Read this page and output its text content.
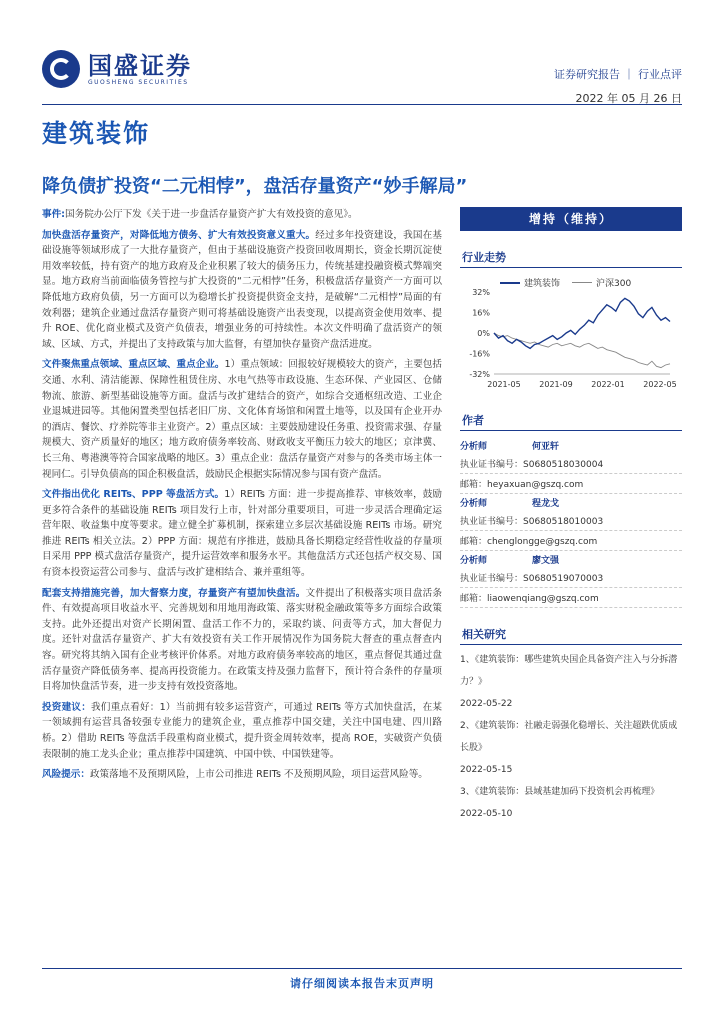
国盛证券
GUOSHENG SECURITIES
证券研究报告 ｜ 行业点评
2022 年 05 月 26 日
建筑装饰
降负债扩投资“二元相悖”，盘活存量资产“妙手解局”

事件:国务院办公厅下发《关于进一步盘活存量资产扩大有效投资的意见》。

加快盘活存量资产，对降低地方债务、扩大有效投资意义重大。经过多年投资建设，我国在基础设施等领域形成了一大批存量资产，但由于基础设施资产投资回收周期长，资金长期沉淀使用效率较低，持有资产的地方政府及企业积累了较大的债务压力，传统基建投融资模式弊端突显。地方政府当前面临债务管控与扩大投资的“二元相悖”任务，积极盘活存量资产一方面可以降低地方政府负债，另一方面可以为稳增长扩投资提供资金支持，是破解“二元相悖”局面的有效利器；建筑企业通过盘活存量资产则可将基础设施资产出表变现，以提高资金使用效率、提升 ROE、优化商业模式及资产负债表，增强业务的可持续性。本次文件明确了盘活资产的领域、区域、方式，并提出了支持政策与加大监督，有望加快存量资产盘活进度。

文件聚焦重点领域、重点区域、重点企业。1）重点领域：回报较好规模较大的资产，主要包括交通、水利、清洁能源、保障性租赁住房、水电气热等市政设施、生态环保、产业园区、仓储物流、旅游、新型基础设施等方面。盘活与改扩建结合的资产，如综合交通枢纽改造、工业企业退城进园等。其他闲置类型包括老旧厂房、文化体育场馆和闲置土地等，以及国有企业开办的酒店、餐饮、疗养院等非主业资产。2）重点区域：主要鼓励建设任务重、投资需求强、存量规模大、资产质量好的地区；地方政府债务率较高、财政收支平衡压力较大的地区；京津冀、长三角、粤港澳等符合国家战略的地区。3）重点企业：盘活存量资产对参与的各类市场主体一视同仁。引导负债高的国企积极盘活，鼓励民企根据实际情况参与国有资产盘活。

文件指出优化 REITs、PPP 等盘活方式。1）REITs 方面：进一步提高推荐、审核效率，鼓励更多符合条件的基础设施 REITs 项目发行上市，针对部分重要项目，可进一步灵活合理确定运营年限、收益集中度等要求。建立健全扩募机制，探索建立多层次基础设施 REITs 市场。研究推进 REITs 相关立法。2）PPP 方面：规范有序推进，鼓励具备长期稳定经营性收益的存量项目采用 PPP 模式盘活存量资产，提升运营效率和服务水平。其他盘活方式还包括产权交易、国有资本投资运营公司参与、盘活与改扩建相结合、兼并重组等。

配套支持措施完善，加大督察力度，存量资产有望加快盘活。文件提出了积极落实项目盘活条件、有效提高项目收益水平、完善规划和用地用海政策、落实财税金融政策等多方面综合政策支持。此外还提出对资产长期闲置、盘活工作不力的，采取约谈、问责等方式，加大督促力度。还针对盘活存量资产、扩大有效投资有关工作开展情况作为国务院大督查的重点督查内容。研究将其纳入国有企业考核评价体系。对地方政府债务率较高的地区，重点督促其通过盘活存量资产降低债务率、提高再投资能力。在政策支持及强力监督下，预计符合条件的存量项目将加快盘活节奏，进一步支持有效投资落地。

投资建议：我们重点看好：1）当前拥有较多运营资产，可通过 REITs 等方式加快盘活，在某一领域拥有运营具备较强专业能力的建筑企业，重点推荐中国交建，关注中国电建、四川路桥。2）借助 REITs 等盘活手段重构商业模式，提升资金周转效率，提高 ROE，实破资产负债表限制的施工龙头企业；重点推荐中国建筑、中国中铁、中国铁建等。

风险提示：政策落地不及预期风险，上市公司推进 REITs 不及预期风险，项目运营风险等。

增持（维持）
行业走势
建筑装饰	沪深300
32%
16%
0%
-16%
-32%
2021-05 2021-09 2022-01 2022-05
作者
分析师	何亚轩
执业证书编号：S0680518030004
邮箱：heyaxuan@gszq.com
分析师	程龙戈
执业证书编号：S0680518010003
邮箱：chenglongge@gszq.com
分析师	廖文强
执业证书编号：S0680519070003
邮箱：liaowenqiang@gszq.com
相关研究
1、《建筑装饰：哪些建筑央国企具备资产注入与分拆潜力？》
2022-05-22
2、《建筑装饰：社融走弱强化稳增长、关注超跌优质成长股》
2022-05-15
3、《建筑装饰：县域基建加码下投资机会再梳理》
2022-05-10
请仔细阅读本报告末页声明
